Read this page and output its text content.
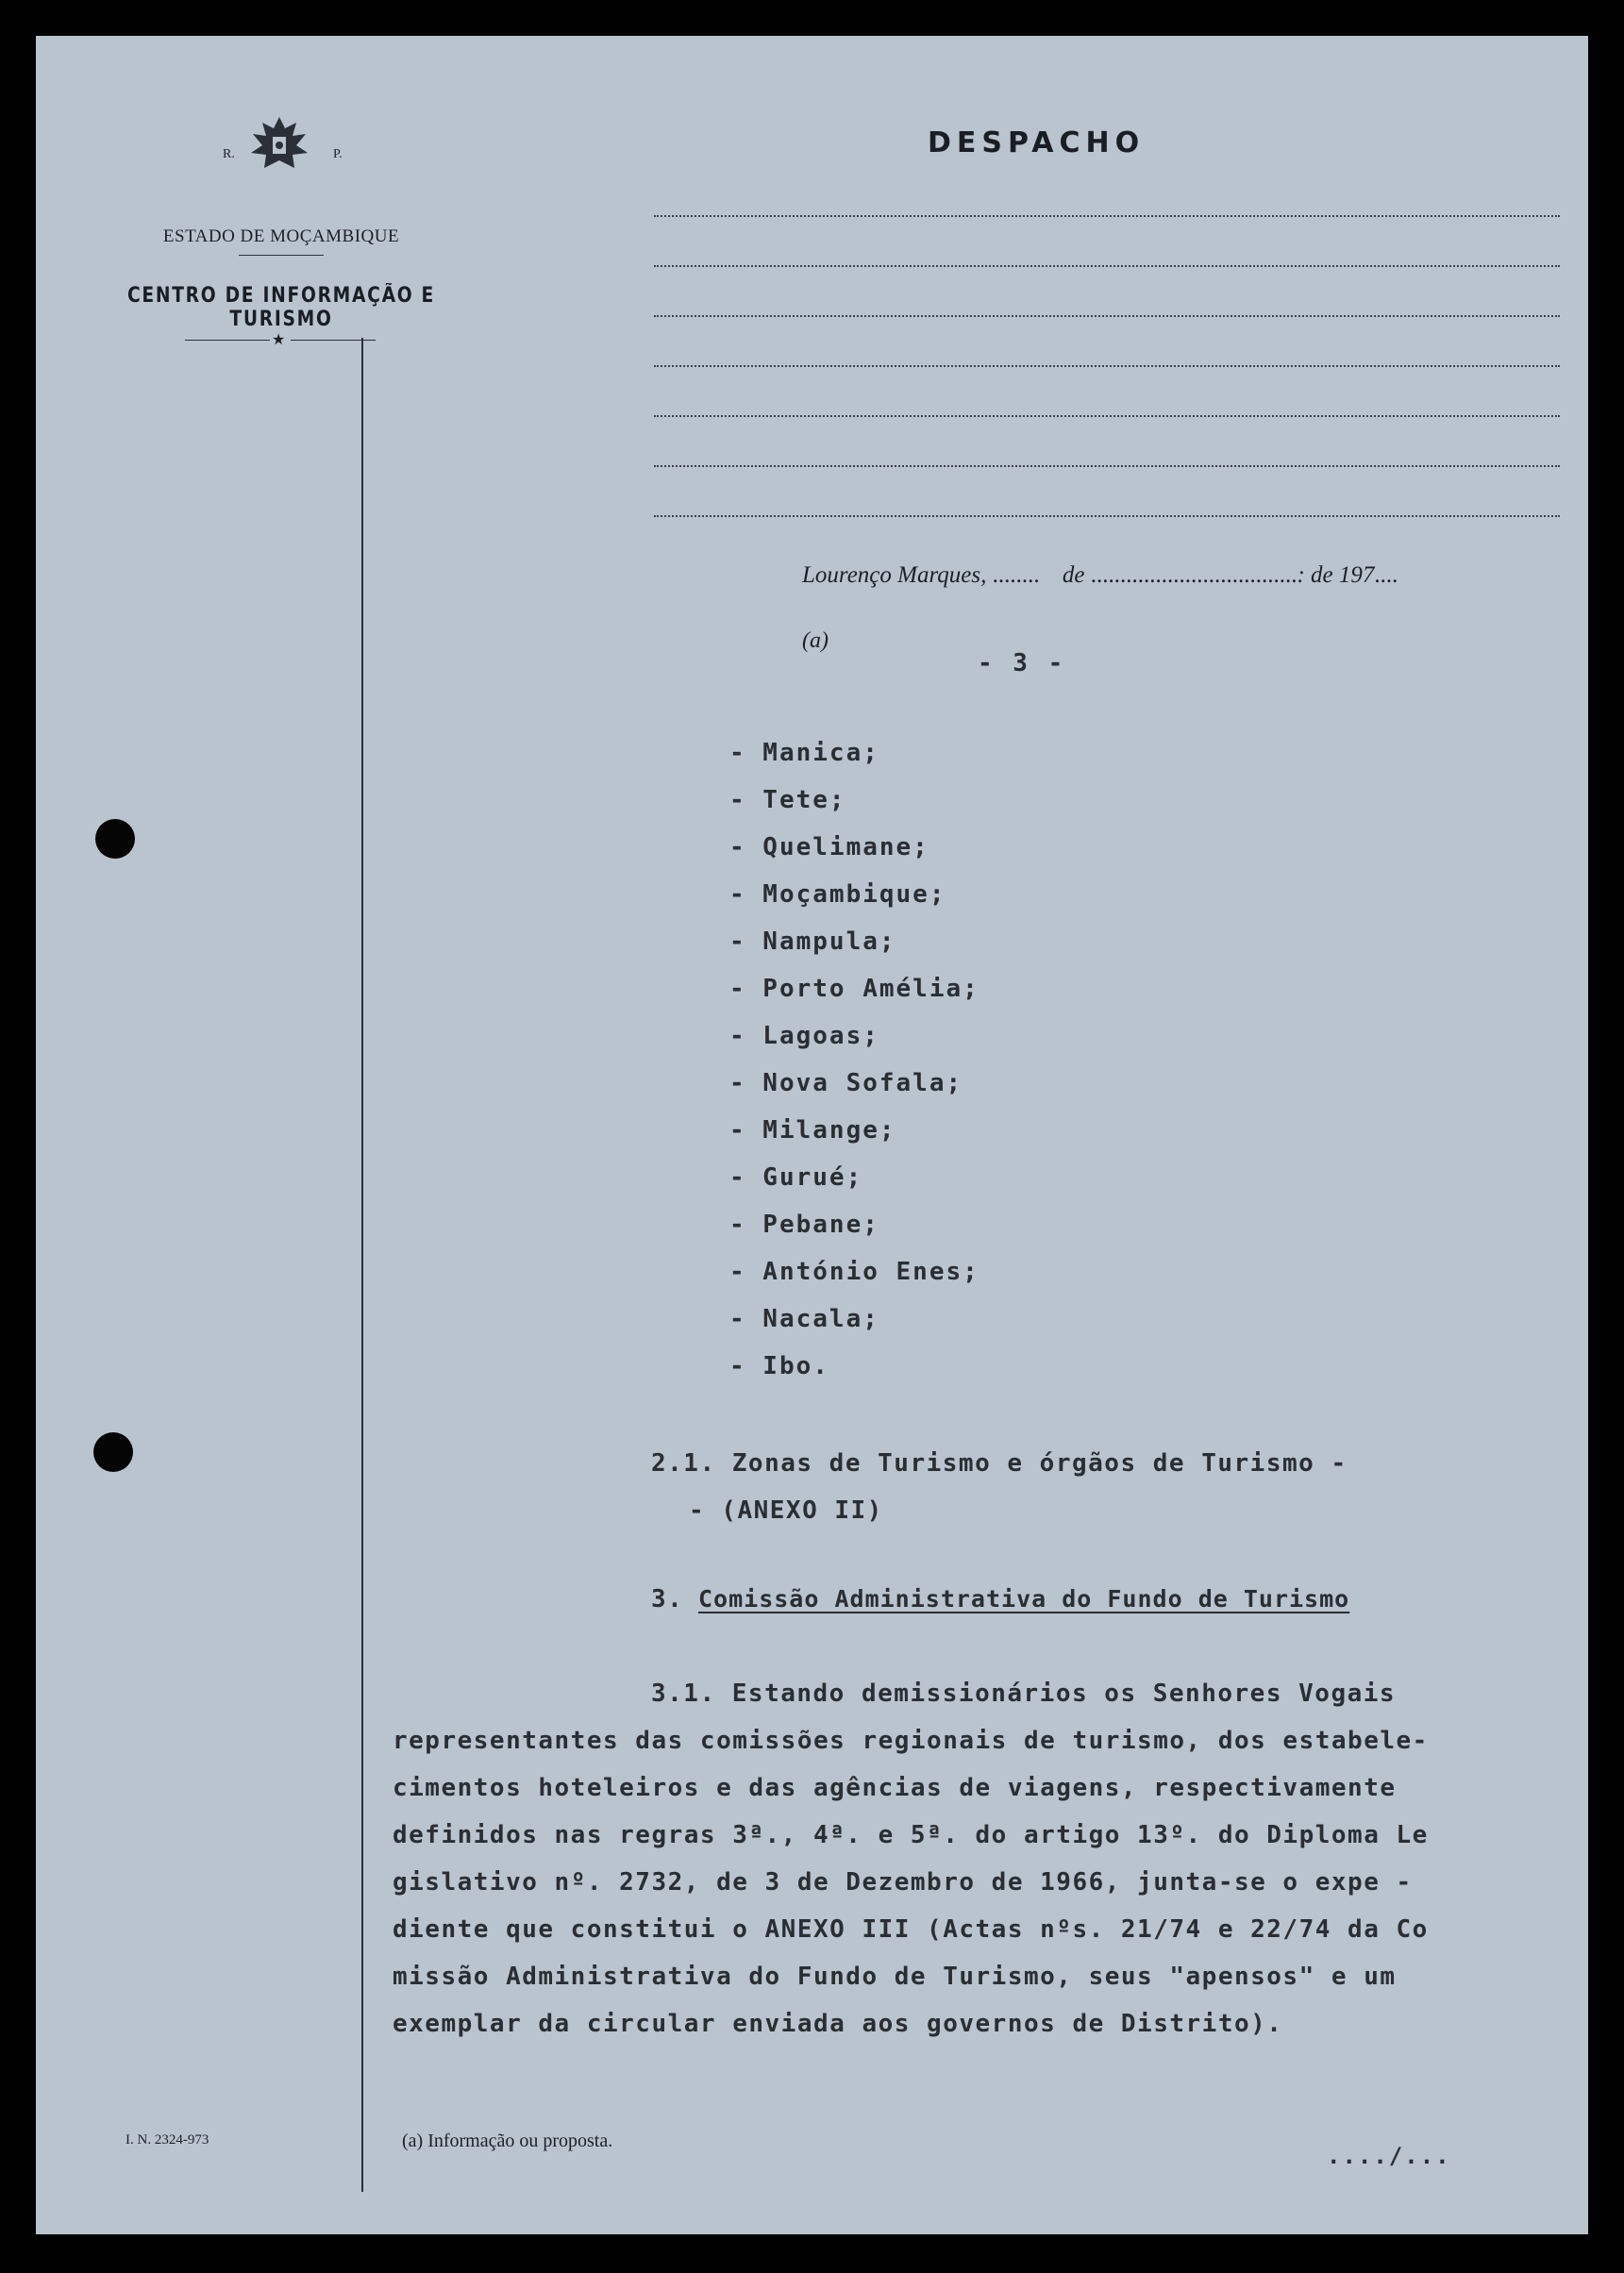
R.	P.
ESTADO DE MOÇAMBIQUE
CENTRO DE INFORMAÇÃO E TURISMO
★
DESPACHO
Lourenço Marques, ........ de ...................................: de 197....
(a)
- 3 -
- Manica;
- Tete;
- Quelimane;
- Moçambique;
- Nampula;
- Porto Amélia;
- Lagoas;
- Nova Sofala;
- Milange;
- Gurué;
- Pebane;
- António Enes;
- Nacala;
- Ibo.
2.1. Zonas de Turismo e órgãos de Turismo -
- (ANEXO II)
3. Comissão Administrativa do Fundo de Turismo
3.1. Estando demissionários os Senhores Vogais
representantes das comissões regionais de turismo, dos estabele-
cimentos hoteleiros e das agências de viagens, respectivamente
definidos nas regras 3ª., 4ª. e 5ª. do artigo 13º. do Diploma Le
gislativo nº. 2732, de 3 de Dezembro de 1966, junta-se o expe -
diente que constitui o ANEXO III (Actas nºs. 21/74 e 22/74 da Co
missão Administrativa do Fundo de Turismo, seus "apensos" e um
exemplar da circular enviada aos governos de Distrito).
I. N. 2324-973	(a) Informação ou proposta.
..../...
